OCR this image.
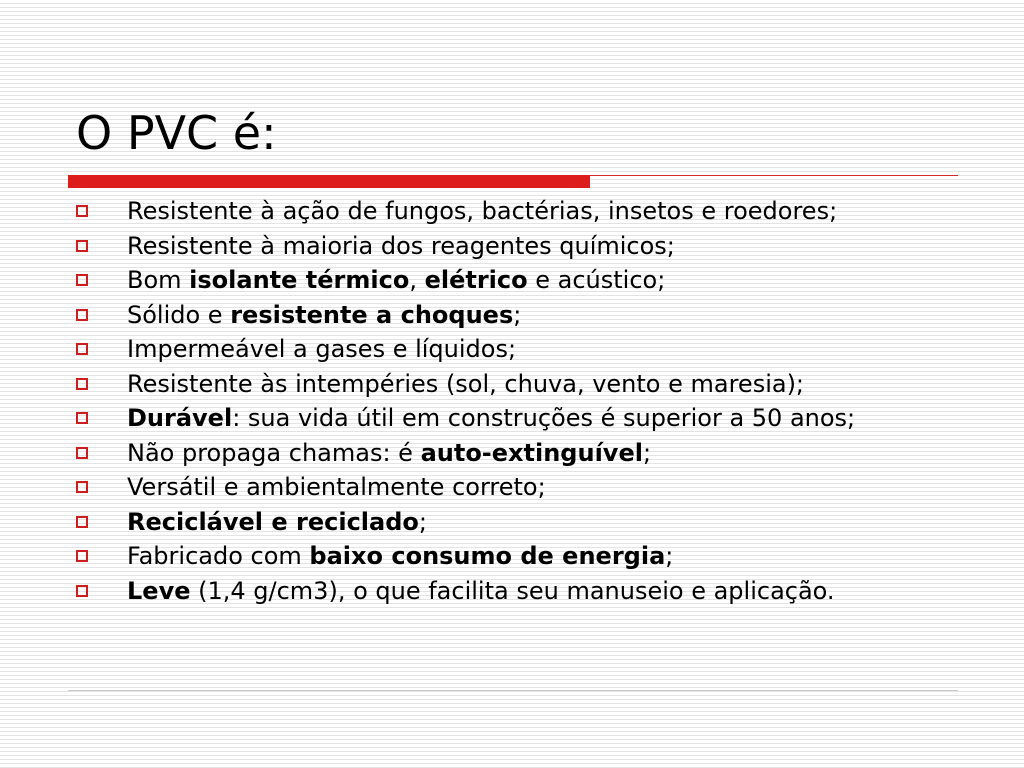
O PVC é:
Resistente à ação de fungos, bactérias, insetos e roedores;
Resistente à maioria dos reagentes químicos;
Bom isolante térmico, elétrico e acústico;
Sólido e resistente a choques;
Impermeável a gases e líquidos;
Resistente às intempéries (sol, chuva, vento e maresia);
Durável: sua vida útil em construções é superior a 50 anos;
Não propaga chamas: é auto-extinguível;
Versátil e ambientalmente correto;
Reciclável e reciclado;
Fabricado com baixo consumo de energia;
Leve (1,4 g/cm3), o que facilita seu manuseio e aplicação.
